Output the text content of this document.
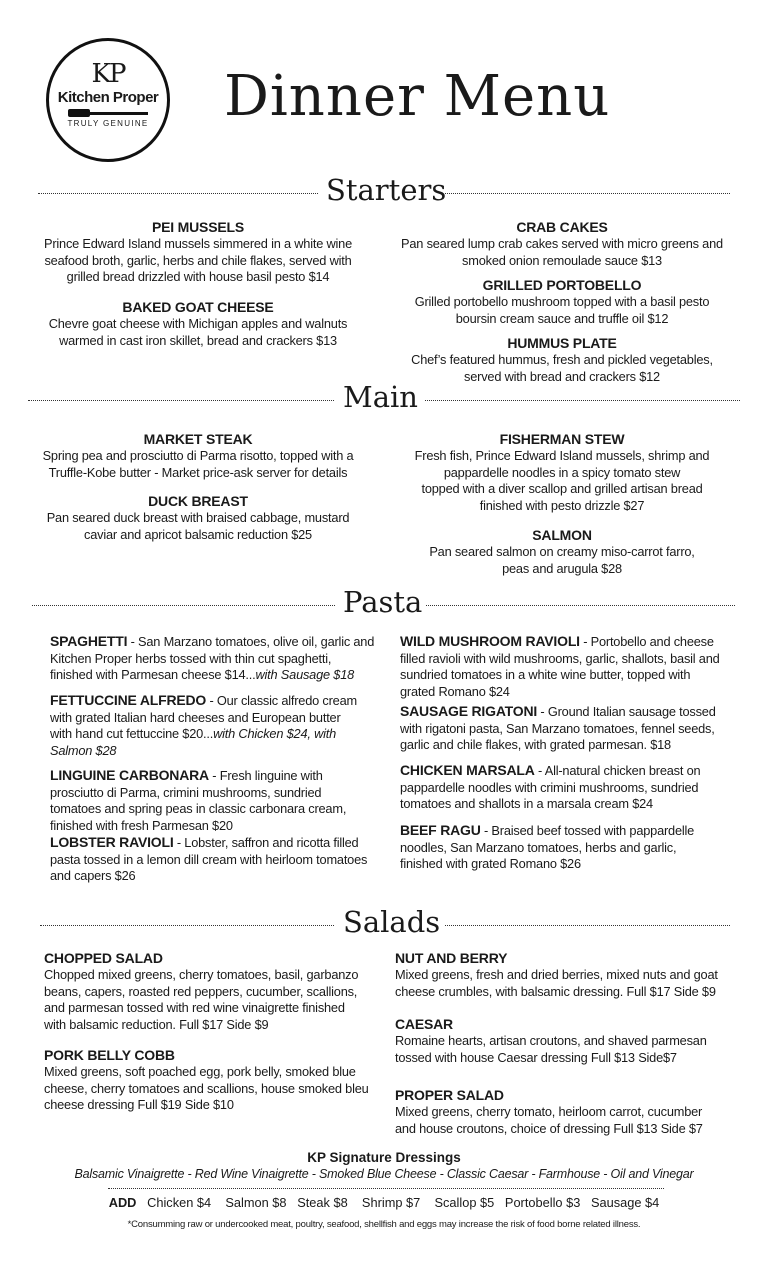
KP
Kitchen Proper
TRULY GENUINE	Dinner Menu
Starters
PEI MUSSELS
Prince Edward Island mussels simmered in a white wine
seafood broth, garlic, herbs and chile flakes, served with
grilled bread drizzled with house basil pesto $14
BAKED GOAT CHEESE
Chevre goat cheese with Michigan apples and walnuts
warmed in cast iron skillet, bread and crackers $13
CRAB CAKES
Pan seared lump crab cakes served with micro greens and
smoked onion remoulade sauce $13
GRILLED PORTOBELLO
Grilled portobello mushroom topped with a basil pesto
boursin cream sauce and truffle oil $12
HUMMUS PLATE
Chef’s featured hummus, fresh and pickled vegetables,
served with bread and crackers $12
Main
MARKET STEAK
Spring pea and prosciutto di Parma risotto, topped with a
Truffle-Kobe butter - Market price-ask server for details
DUCK BREAST
Pan seared duck breast with braised cabbage, mustard
caviar and apricot balsamic reduction $25
FISHERMAN STEW
Fresh fish, Prince Edward Island mussels, shrimp and
pappardelle noodles in a spicy tomato stew
topped with a diver scallop and grilled artisan bread
finished with pesto drizzle $27
SALMON
Pan seared salmon on creamy miso-carrot farro,
peas and arugula $28
Pasta
SPAGHETTI - San Marzano tomatoes, olive oil, garlic and
Kitchen Proper herbs tossed with thin cut spaghetti,
finished with Parmesan cheese $14...with Sausage $18
FETTUCCINE ALFREDO - Our classic alfredo cream
with grated Italian hard cheeses and European butter
with hand cut fettuccine $20...with Chicken $24, with
Salmon $28
LINGUINE CARBONARA - Fresh linguine with
prosciutto di Parma, crimini mushrooms, sundried
tomatoes and spring peas in classic carbonara cream,
finished with fresh Parmesan $20
LOBSTER RAVIOLI - Lobster, saffron and ricotta filled
pasta tossed in a lemon dill cream with heirloom tomatoes
and capers $26
WILD MUSHROOM RAVIOLI - Portobello and cheese
filled ravioli with wild mushrooms, garlic, shallots, basil and
sundried tomatoes in a white wine butter, topped with
grated Romano $24
SAUSAGE RIGATONI - Ground Italian sausage tossed
with rigatoni pasta, San Marzano tomatoes, fennel seeds,
garlic and chile flakes, with grated parmesan. $18
CHICKEN MARSALA - All-natural chicken breast on
pappardelle noodles with crimini mushrooms, sundried
tomatoes and shallots in a marsala cream $24
BEEF RAGU - Braised beef tossed with pappardelle
noodles, San Marzano tomatoes, herbs and garlic,
finished with grated Romano $26
Salads
CHOPPED SALAD
Chopped mixed greens, cherry tomatoes, basil, garbanzo
beans, capers, roasted red peppers, cucumber, scallions,
and parmesan tossed with red wine vinaigrette finished
with balsamic reduction. Full $17 Side $9
PORK BELLY COBB
Mixed greens, soft poached egg, pork belly, smoked blue
cheese, cherry tomatoes and scallions, house smoked bleu
cheese dressing Full $19 Side $10
NUT AND BERRY
Mixed greens, fresh and dried berries, mixed nuts and goat
cheese crumbles, with balsamic dressing. Full $17 Side $9
CAESAR
Romaine hearts, artisan croutons, and shaved parmesan
tossed with house Caesar dressing Full $13 Side$7
PROPER SALAD
Mixed greens, cherry tomato, heirloom carrot, cucumber
and house croutons, choice of dressing Full $13 Side $7
KP Signature Dressings
Balsamic Vinaigrette - Red Wine Vinaigrette - Smoked Blue Cheese - Classic Caesar - Farmhouse - Oil and Vinegar
ADD Chicken $4    Salmon $8   Steak $8    Shrimp $7    Scallop $5   Portobello $3   Sausage $4
*Consumming raw or undercooked meat, poultry, seafood, shellfish and eggs may increase the risk of food borne related illness.
